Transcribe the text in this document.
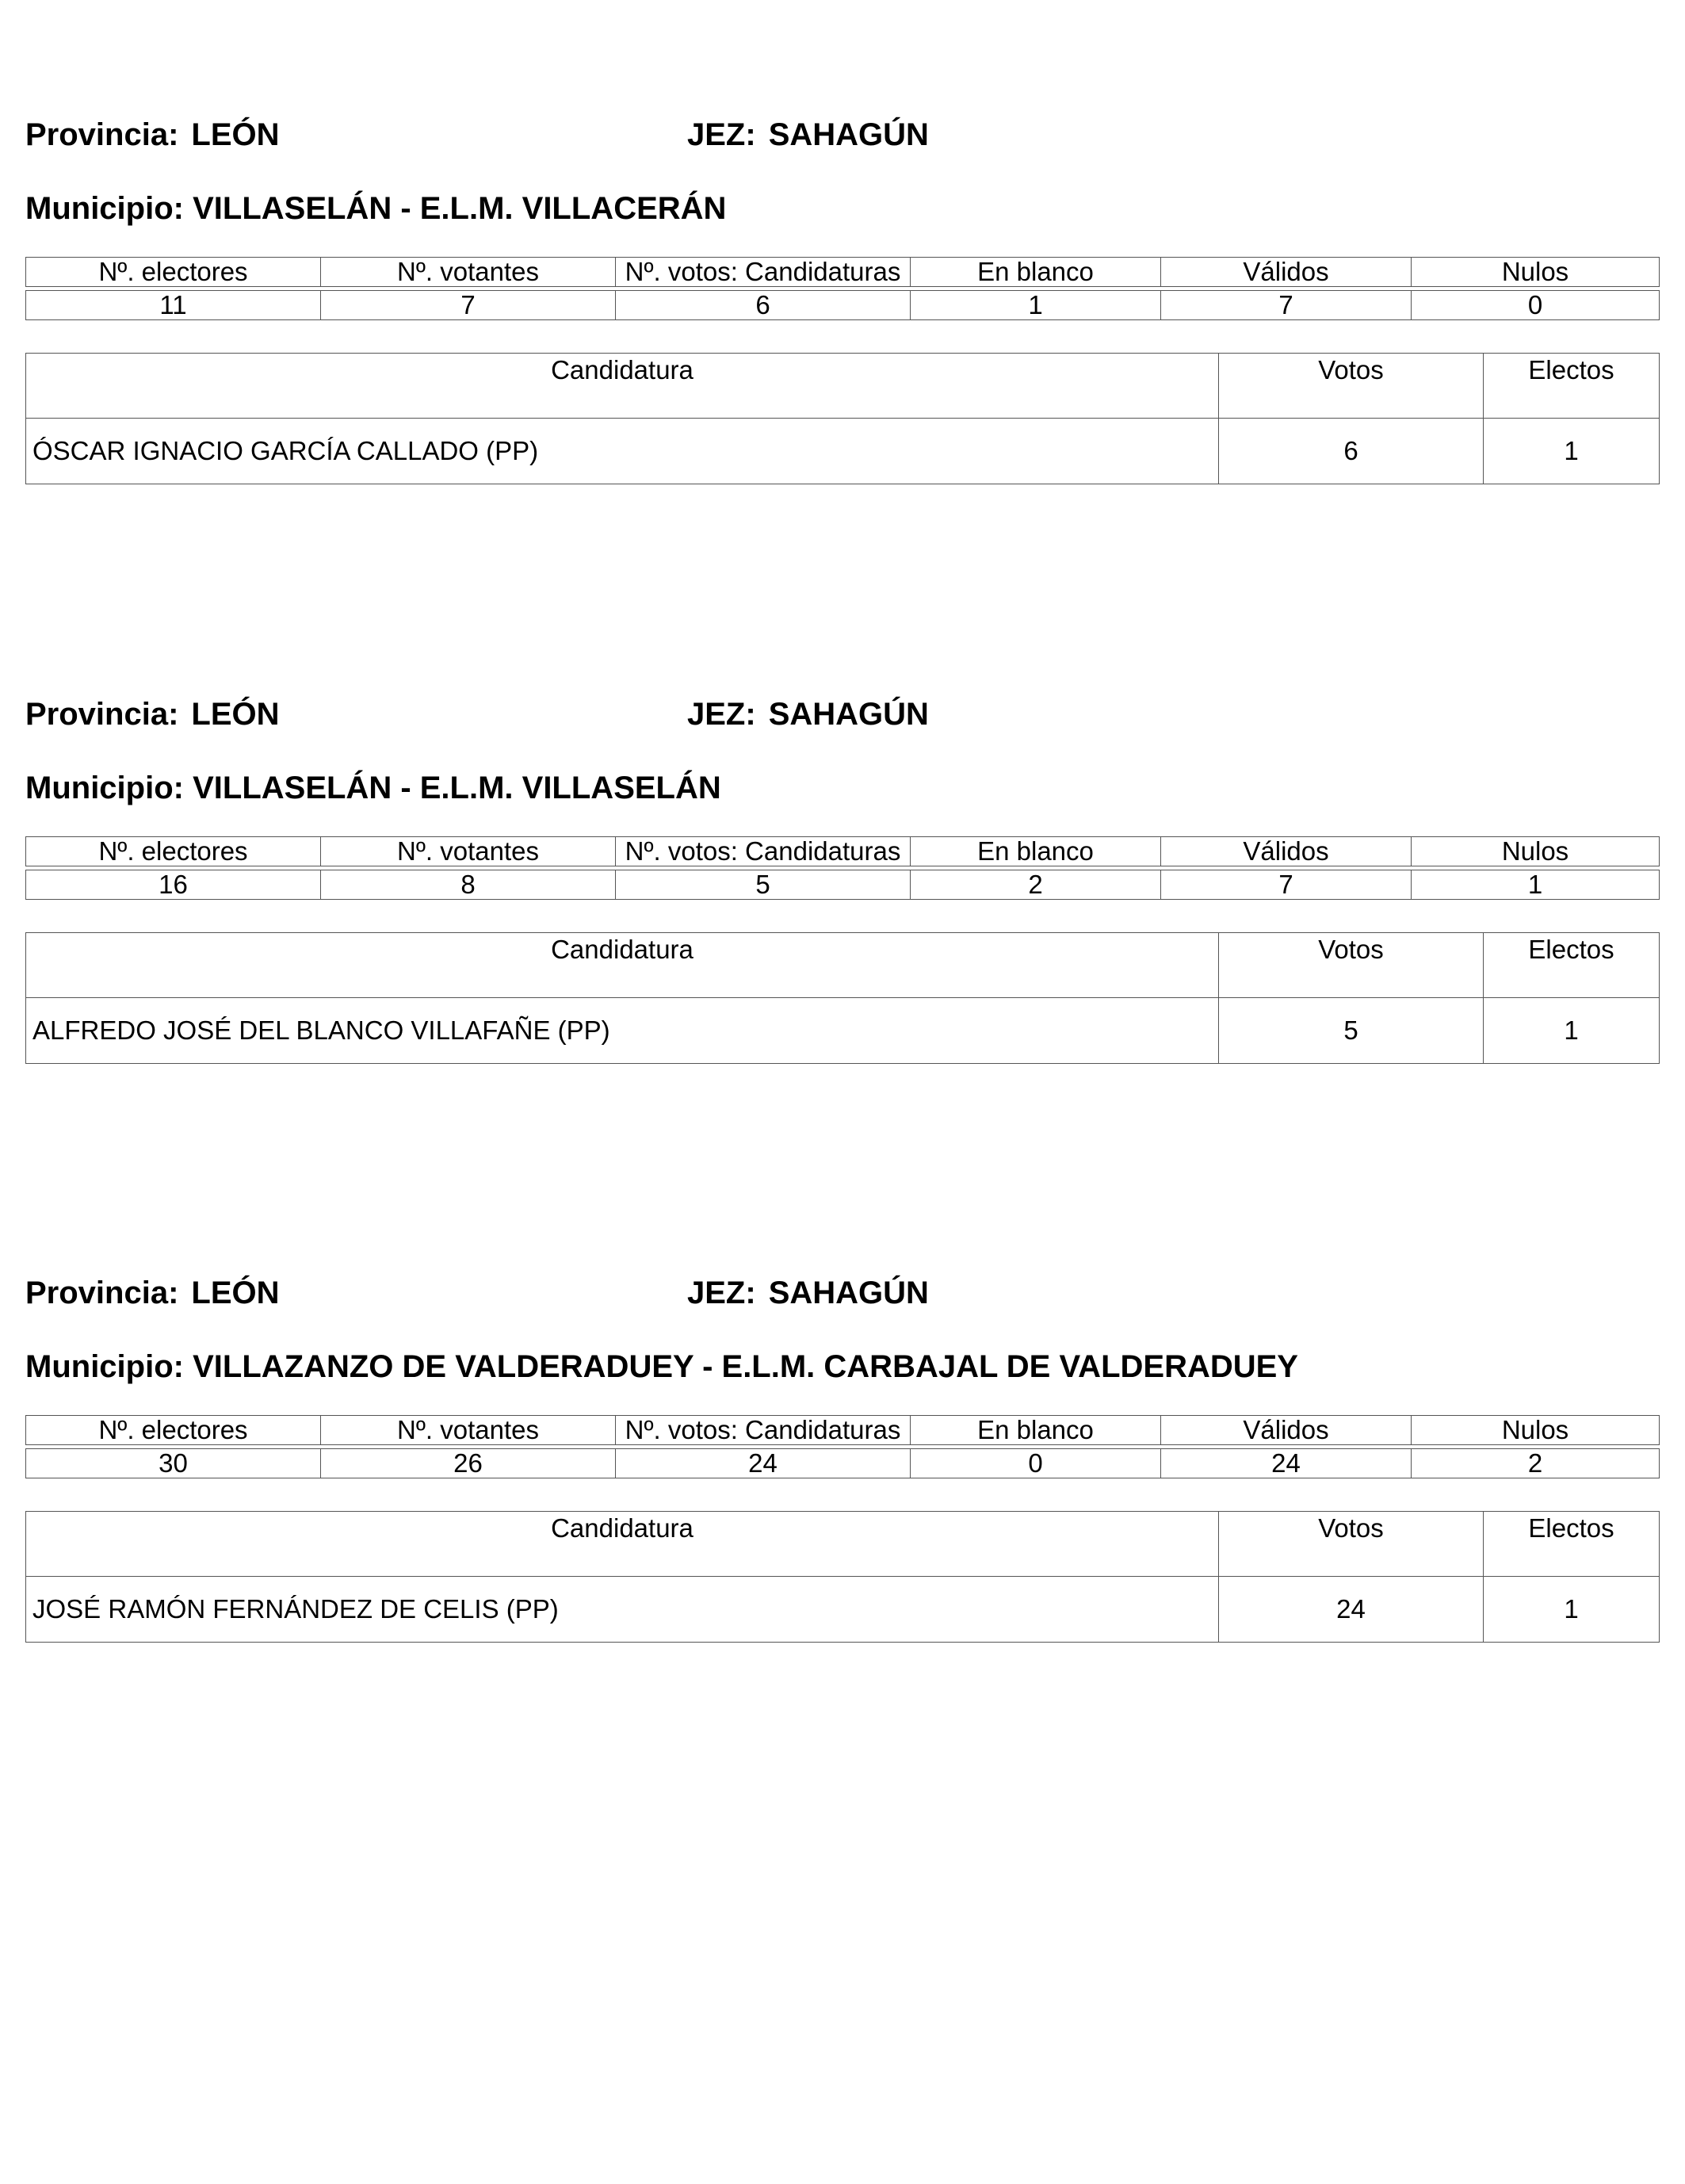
Provincia: LEÓN	JEZ: SAHAGÚN
Municipio: VILLASELÁN - E.L.M. VILLACERÁN
Nº. electores	Nº. votantes	Nº. votos: Candidaturas	En blanco	Válidos	Nulos

11	7	6	1	7	0
Candidatura	Votos	Electos
ÓSCAR IGNACIO GARCÍA CALLADO (PP)	6	1
Provincia: LEÓN	JEZ: SAHAGÚN
Municipio: VILLASELÁN - E.L.M. VILLASELÁN
Nº. electores	Nº. votantes	Nº. votos: Candidaturas	En blanco	Válidos	Nulos

16	8	5	2	7	1
Candidatura	Votos	Electos
ALFREDO JOSÉ DEL BLANCO VILLAFAÑE (PP)	5	1
Provincia: LEÓN	JEZ: SAHAGÚN
Municipio: VILLAZANZO DE VALDERADUEY - E.L.M. CARBAJAL DE VALDERADUEY
Nº. electores	Nº. votantes	Nº. votos: Candidaturas	En blanco	Válidos	Nulos

30	26	24	0	24	2
Candidatura	Votos	Electos
JOSÉ RAMÓN FERNÁNDEZ DE CELIS (PP)	24	1
